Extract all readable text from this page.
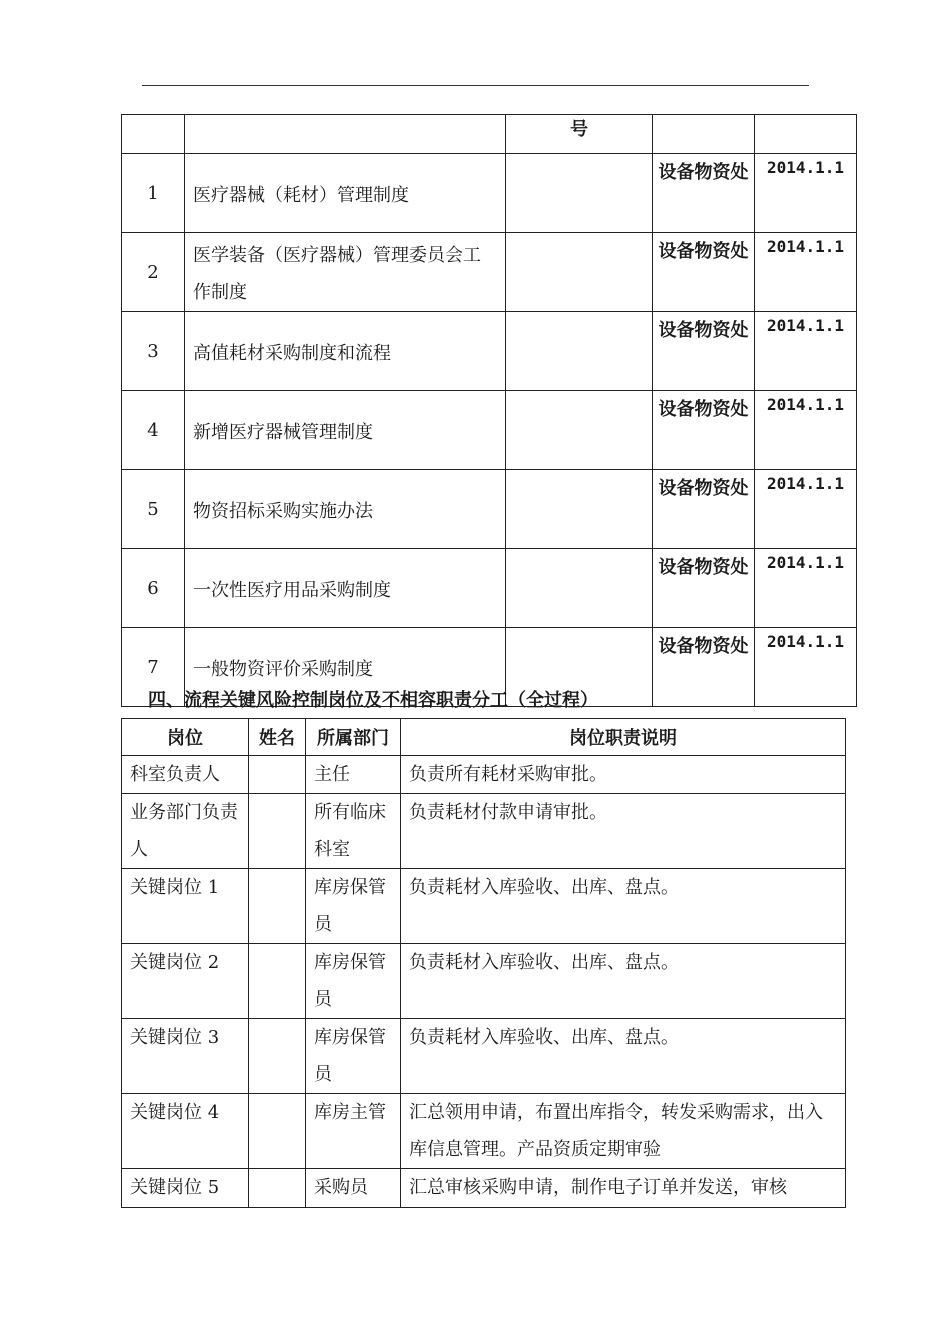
		号		
1	医疗器械（耗材）管理制度		设备物资处	2014.1.1
2	医学装备（医疗器械）管理委员会工作制度		设备物资处	2014.1.1
3	高值耗材采购制度和流程		设备物资处	2014.1.1
4	新增医疗器械管理制度		设备物资处	2014.1.1
5	物资招标采购实施办法		设备物资处	2014.1.1
6	一次性医疗用品采购制度		设备物资处	2014.1.1
7	一般物资评价采购制度		设备物资处	2014.1.1
四、流程关键风险控制岗位及不相容职责分工（全过程）
岗位	姓名	所属部门	岗位职责说明
科室负责人		主任	负责所有耗材采购审批。
业务部门负责人		所有临床科室	负责耗材付款申请审批。
关键岗位 1		库房保管员	负责耗材入库验收、出库、盘点。
关键岗位 2		库房保管员	负责耗材入库验收、出库、盘点。
关键岗位 3		库房保管员	负责耗材入库验收、出库、盘点。
关键岗位 4		库房主管	汇总领用申请，布置出库指令，转发采购需求，出入库信息管理。产品资质定期审验
关键岗位 5		采购员	汇总审核采购申请，制作电子订单并发送，审核
